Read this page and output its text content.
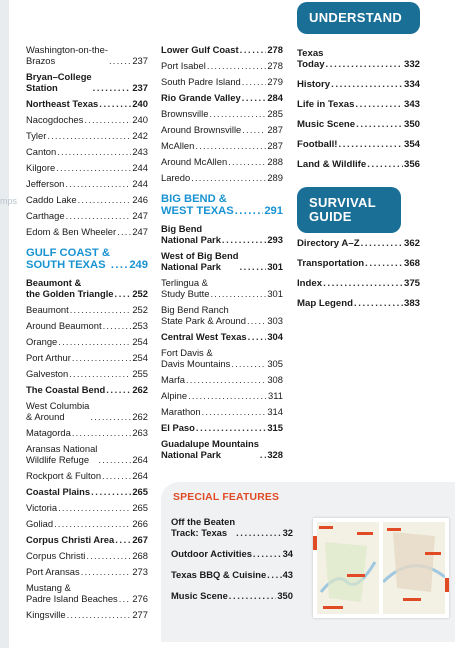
mps
Washington-on-the-
Brazos .....	237
Bryan–College
Station .....	237
Northeast Texas .....	240
Nacogdoches .....	240
Tyler .....	242
Canton .....	243
Kilgore .....	244
Jefferson .....	244
Caddo Lake .....	246
Carthage .....	247
Edom & Ben Wheeler ..... 247
GULF COAST &
SOUTH TEXAS .....	249
Beaumont &
the Golden Triangle ..... 252
Beaumont .....	252
Around Beaumont .....	253
Orange .....	254
Port Arthur .....	254
Galveston .....	255
The Coastal Bend .....	262
West Columbia
& Around .....	262
Matagorda .....	263
Aransas National
Wildlife Refuge .....	264
Rockport & Fulton .....	264
Coastal Plains .....	265
Victoria .....	265
Goliad .....	266
Corpus Christi Area ..... 267
Corpus Christi .....	268
Port Aransas .....	273
Mustang &
Padre Island Beaches ..... 276
Kingsville .....	277
Lower Gulf Coast .....	278
Port Isabel .....	278
South Padre Island .....	279
Rio Grande Valley .....	284
Brownsville .....	285
Around Brownsville .....	287
McAllen .....	287
Around McAllen .....	288
Laredo .....	289
BIG BEND &
WEST TEXAS .....	291
Big Bend
National Park .....	293
West of Big Bend
National Park .....	301
Terlingua &
Study Butte .....	301
Big Bend Ranch
State Park & Around ..... 303
Central West Texas ..... 304
Fort Davis &
Davis Mountains .....	305
Marfa .....	308
Alpine .....	311
Marathon .....	314
El Paso .....	315
Guadalupe Mountains
National Park .....	328
UNDERSTAND
Texas
Today .....	332
History .....	334
Life in Texas .....	343
Music Scene .....	350
Football! .....	354
Land & Wildlife .....	356
SURVIVAL
GUIDE
Directory A–Z .....	362
Transportation .....	368
Index .....	375
Map Legend .....	383
SPECIAL FEATURES
Off the Beaten
Track: Texas .....	32
Outdoor Activities .....	34
Texas BBQ & Cuisine ..... 43
Music Scene .....	350
